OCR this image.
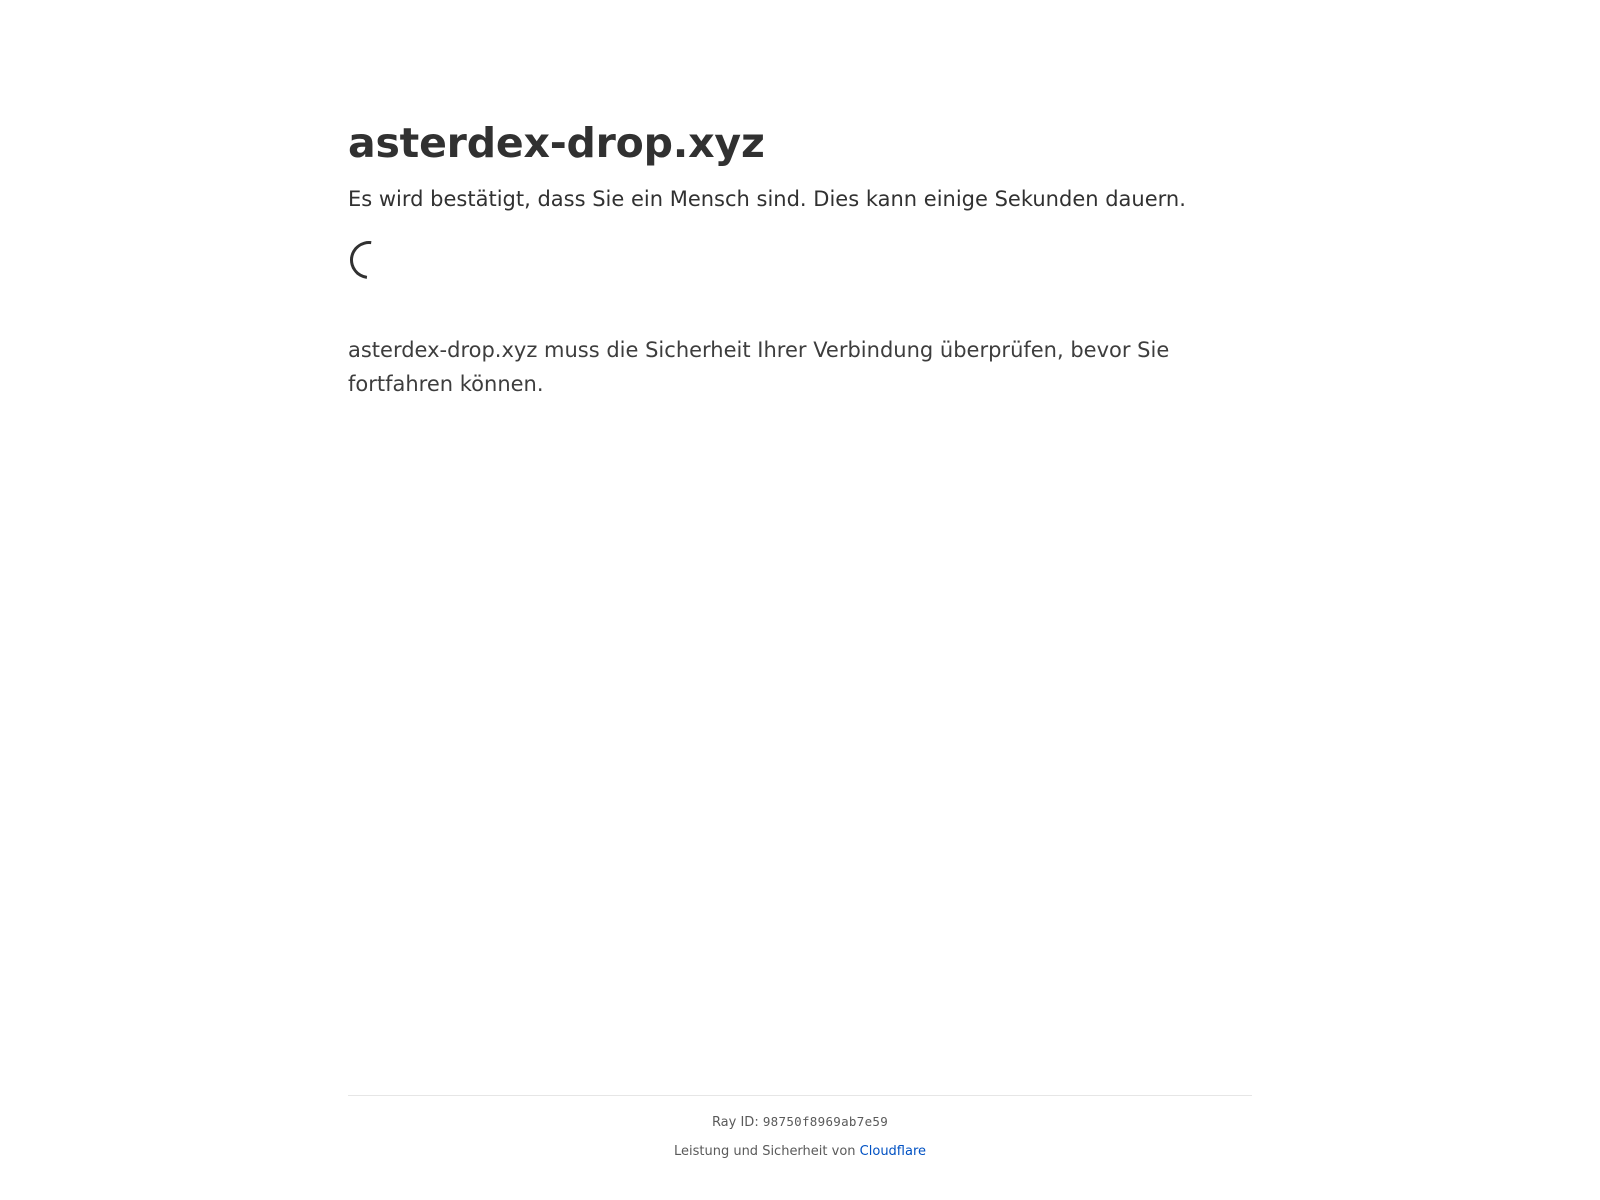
asterdex-drop.xyz

Es wird bestätigt, dass Sie ein Mensch sind. Dies kann einige Sekunden dauern.

asterdex-drop.xyz muss die Sicherheit Ihrer Verbindung überprüfen, bevor Sie fortfahren können.

Ray ID: 98750f8969ab7e59

Leistung und Sicherheit von Cloudflare
